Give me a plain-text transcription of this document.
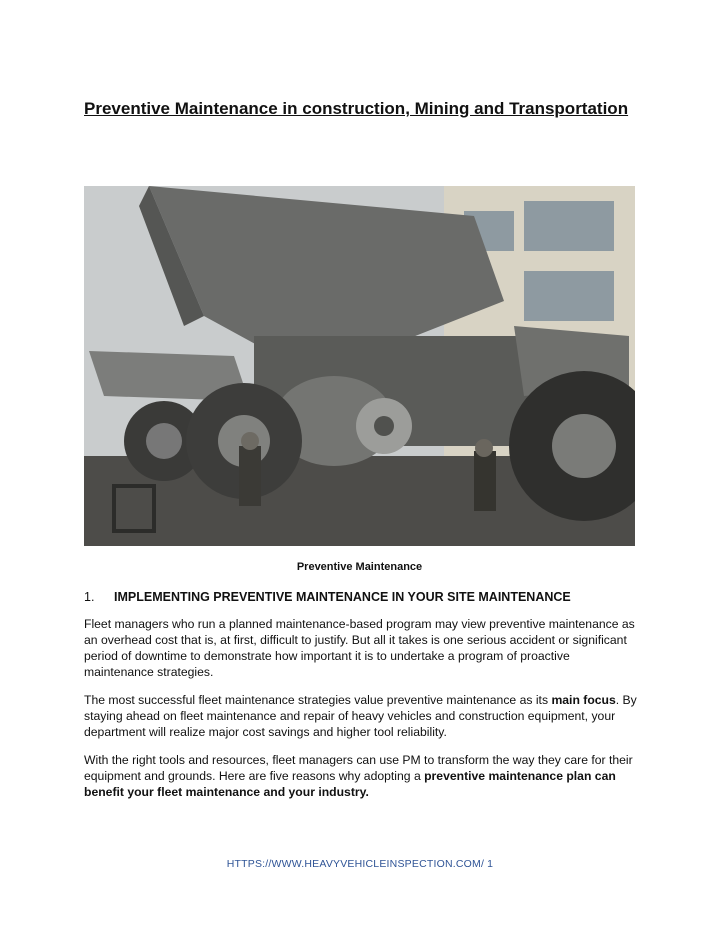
Preventive Maintenance in construction, Mining and Transportation
Preventive Maintenance
1. IMPLEMENTING PREVENTIVE MAINTENANCE IN YOUR SITE MAINTENANCE
Fleet managers who run a planned maintenance-based program may view preventive maintenance as an overhead cost that is, at first, difficult to justify. But all it takes is one serious accident or significant period of downtime to demonstrate how important it is to undertake a program of proactive maintenance strategies.
The most successful fleet maintenance strategies value preventive maintenance as its main focus. By staying ahead on fleet maintenance and repair of heavy vehicles and construction equipment, your department will realize major cost savings and higher tool reliability.
With the right tools and resources, fleet managers can use PM to transform the way they care for their equipment and grounds. Here are five reasons why adopting a preventive maintenance plan can benefit your fleet maintenance and your industry.
HTTPS://WWW.HEAVYVEHICLEINSPECTION.COM/ 1
